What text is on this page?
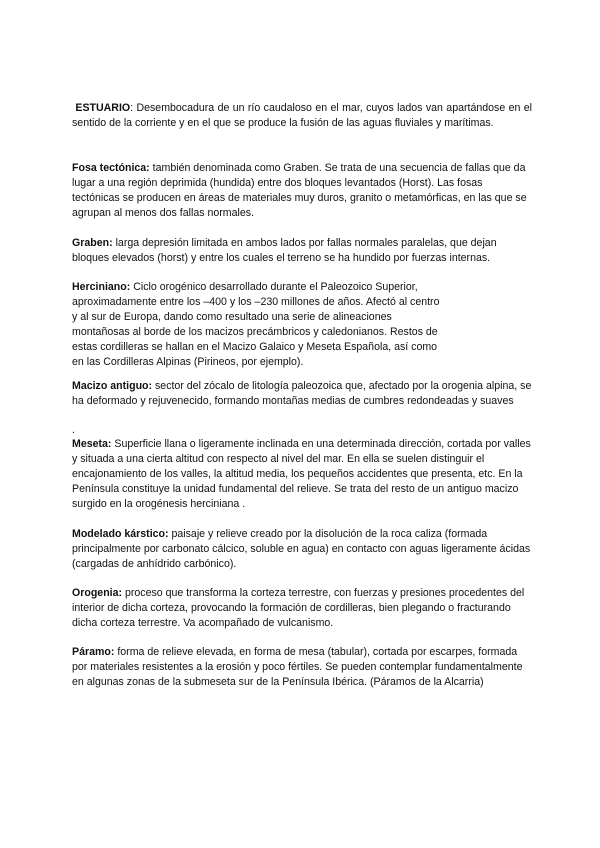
ESTUARIO: Desembocadura de un río caudaloso en el mar, cuyos lados van apartándose en el sentido de la corriente y en el que se produce la fusión de las aguas fluviales y marítimas.
Fosa tectónica: también denominada como Graben. Se trata de una secuencia de fallas que da lugar a una región deprimida (hundida) entre dos bloques levantados (Horst). Las fosas tectónicas se producen en áreas de materiales muy duros, granito o metamórficas, en las que se agrupan al menos dos fallas normales.
Graben: larga depresión limitada en ambos lados por fallas normales paralelas, que dejan bloques elevados (horst) y entre los cuales el terreno se ha hundido por fuerzas internas.
Herciniano: Ciclo orogénico desarrollado durante el Paleozoico Superior,
aproximadamente entre los –400 y los –230 millones de años. Afectó al centro
y al sur de Europa, dando como resultado una serie de alineaciones
montañosas al borde de los macizos precámbricos y caledonianos. Restos de
estas cordilleras se hallan en el Macizo Galaico y Meseta Española, así como
en las Cordilleras Alpinas (Pirineos, por ejemplo).
Macizo antiguo: sector del zócalo de litología paleozoica que, afectado por la orogenia alpina, se ha deformado y rejuvenecido, formando montañas medias de cumbres redondeadas y suaves
.
Meseta: Superficie llana o ligeramente inclinada en una determinada dirección, cortada por valles y situada a una cierta altitud con respecto al nivel del mar. En ella se suelen distinguir el encajonamiento de los valles, la altitud media, los pequeños accidentes que presenta, etc. En la Península constituye la unidad fundamental del relieve. Se trata del resto de un antiguo macizo surgido en la orogénesis herciniana .
Modelado kárstico: paisaje y relieve creado por la disolución de la roca caliza (formada principalmente por carbonato cálcico, soluble en agua) en contacto con aguas ligeramente ácidas (cargadas de anhídrido carbónico).
Orogenia: proceso que transforma la corteza terrestre, con fuerzas y presiones procedentes del interior de dicha corteza, provocando la formación de cordilleras, bien plegando o fracturando dicha corteza terrestre. Va acompañado de vulcanismo.
Páramo: forma de relieve elevada, en forma de mesa (tabular), cortada por escarpes, formada por materiales resistentes a la erosión y poco fértiles. Se pueden contemplar fundamentalmente en algunas zonas de la submeseta sur de la Península Ibérica. (Páramos de la Alcarria)
